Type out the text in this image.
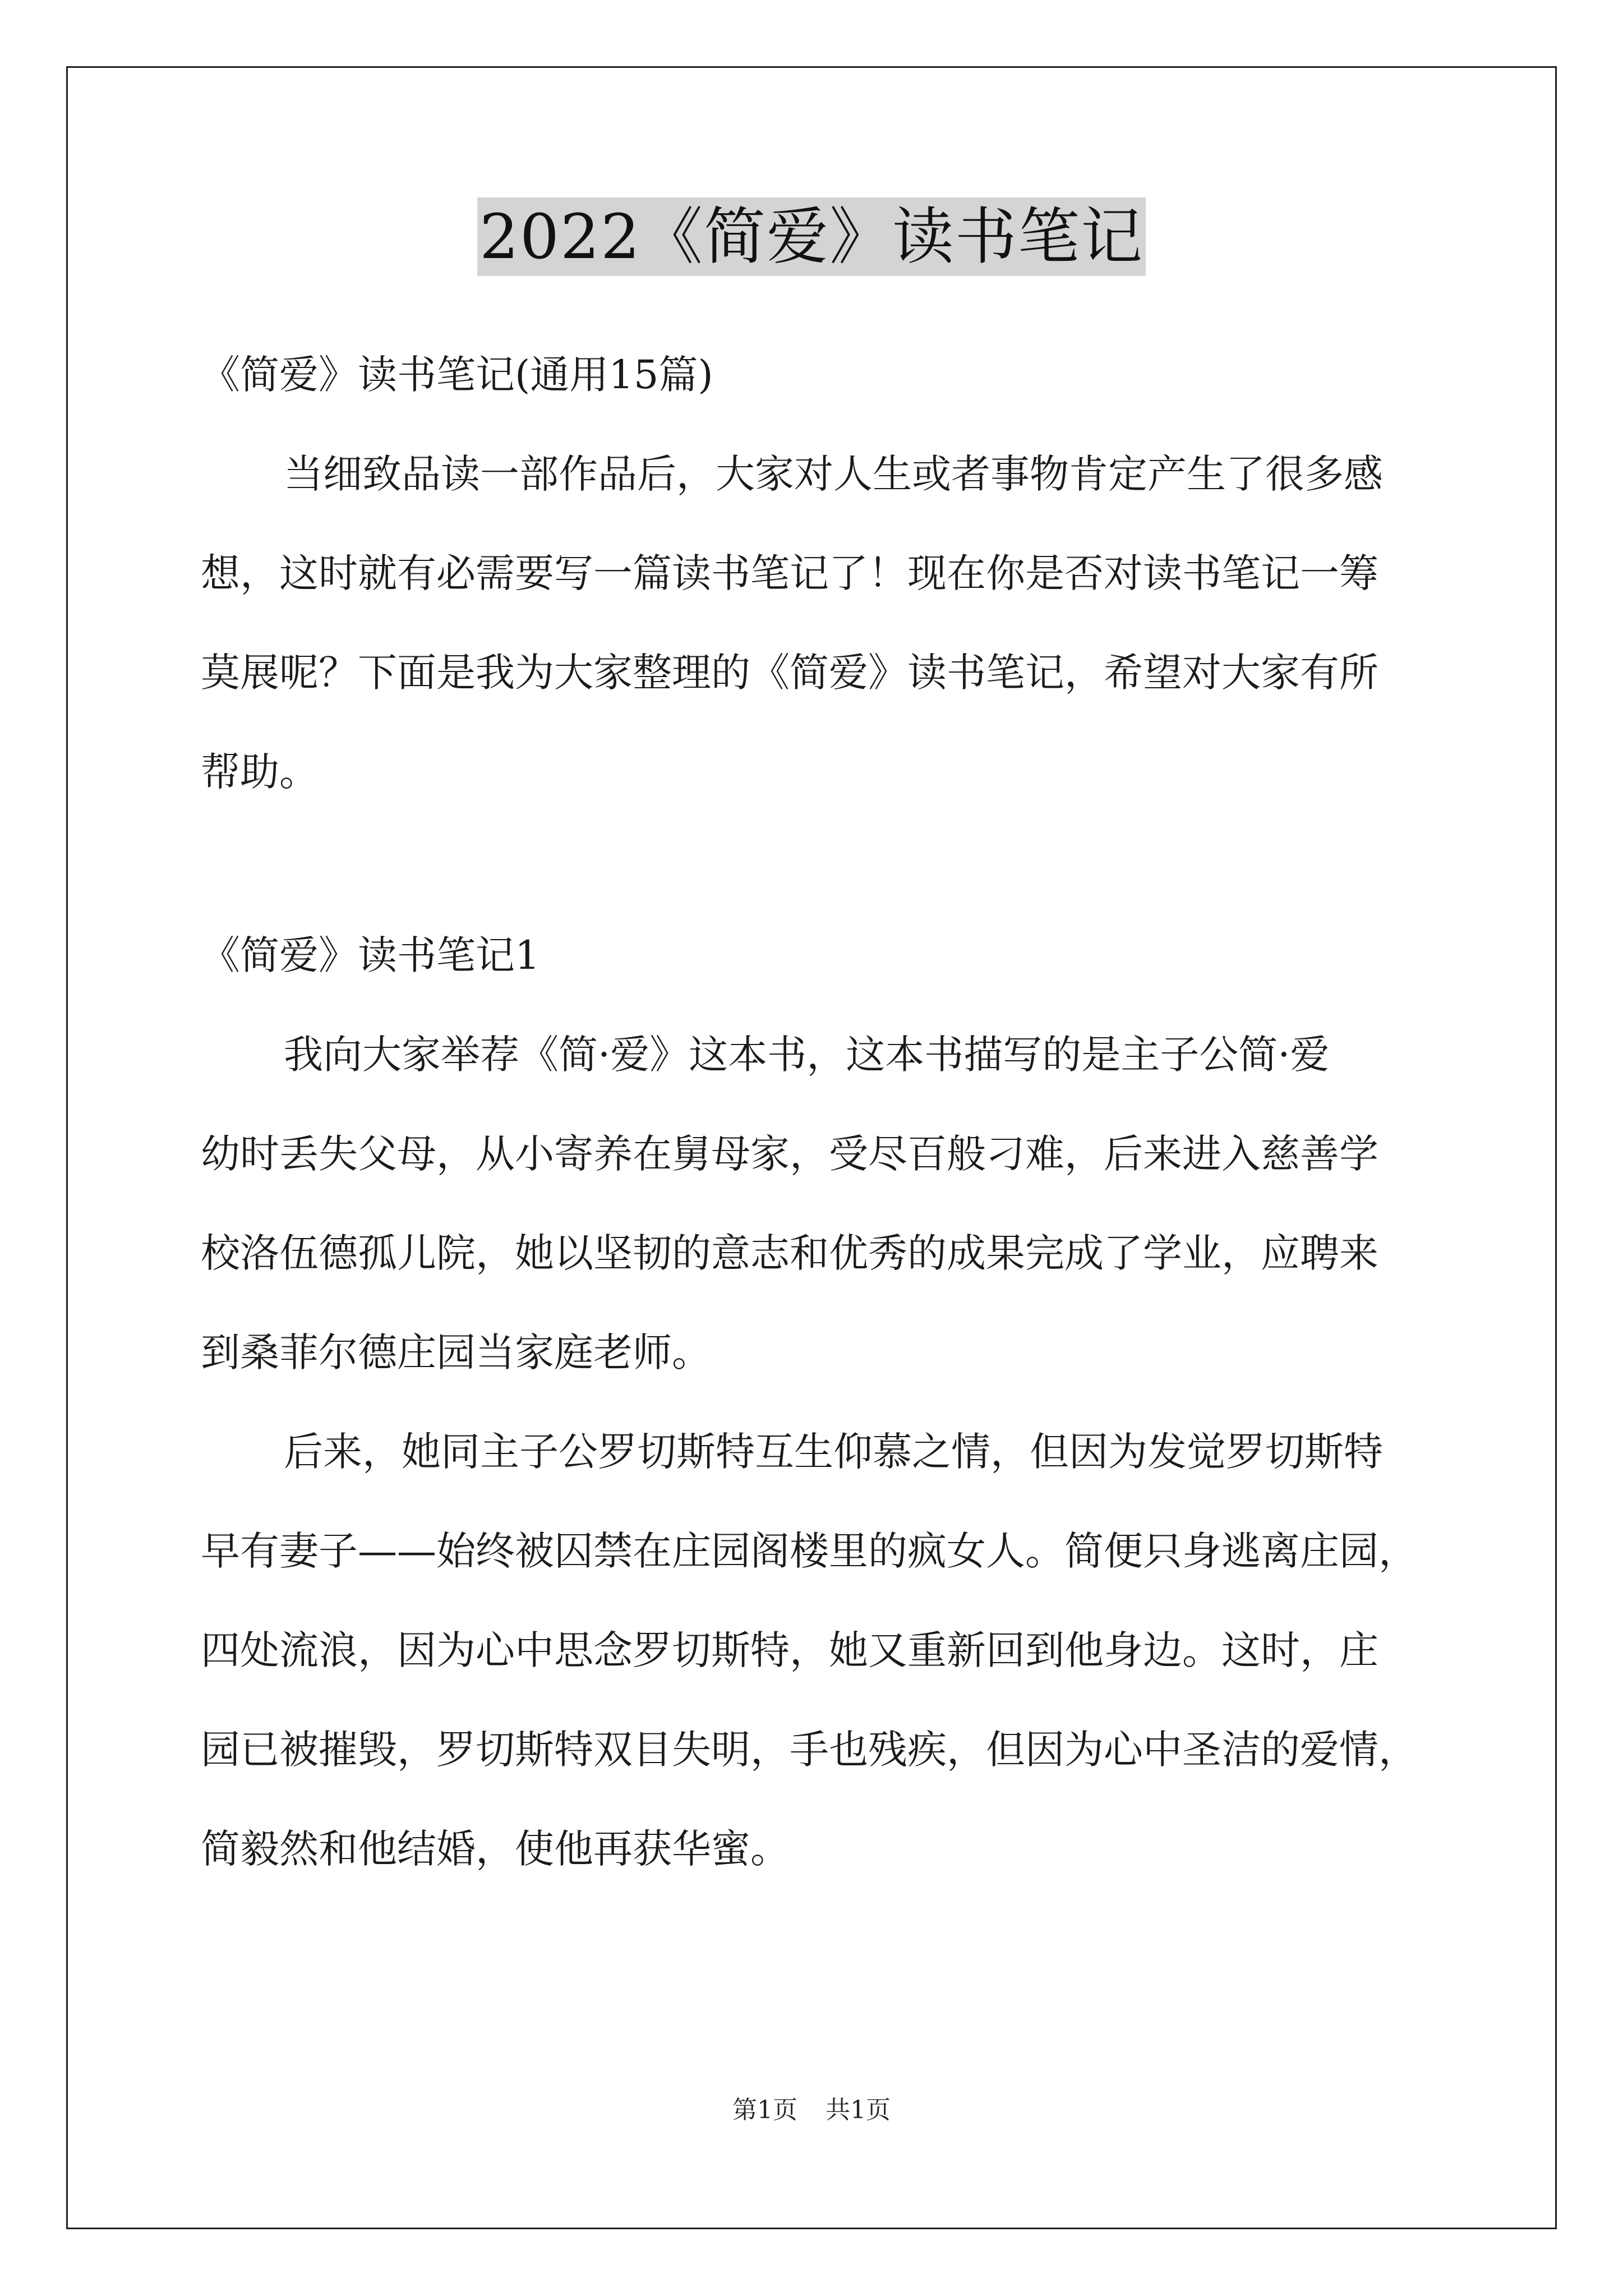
2022《简爱》读书笔记

《简爱》读书笔记(通用15篇)

当细致品读一部作品后，大家对人生或者事物肯定产生了很多感

想，这时就有必需要写一篇读书笔记了！现在你是否对读书笔记一筹

莫展呢？下面是我为大家整理的《简爱》读书笔记，希望对大家有所

帮助。

《简爱》读书笔记1

我向大家举荐《简·爱》这本书，这本书描写的是主子公简·爱

幼时丢失父母，从小寄养在舅母家，受尽百般刁难，后来进入慈善学

校洛伍德孤儿院，她以坚韧的意志和优秀的成果完成了学业，应聘来

到桑菲尔德庄园当家庭老师。

后来，她同主子公罗切斯特互生仰慕之情，但因为发觉罗切斯特

早有妻子——始终被囚禁在庄园阁楼里的疯女人。简便只身逃离庄园，

四处流浪，因为心中思念罗切斯特，她又重新回到他身边。这时，庄

园已被摧毁，罗切斯特双目失明，手也残疾，但因为心中圣洁的爱情，

简毅然和他结婚，使他再获华蜜。

第1页 共1页
